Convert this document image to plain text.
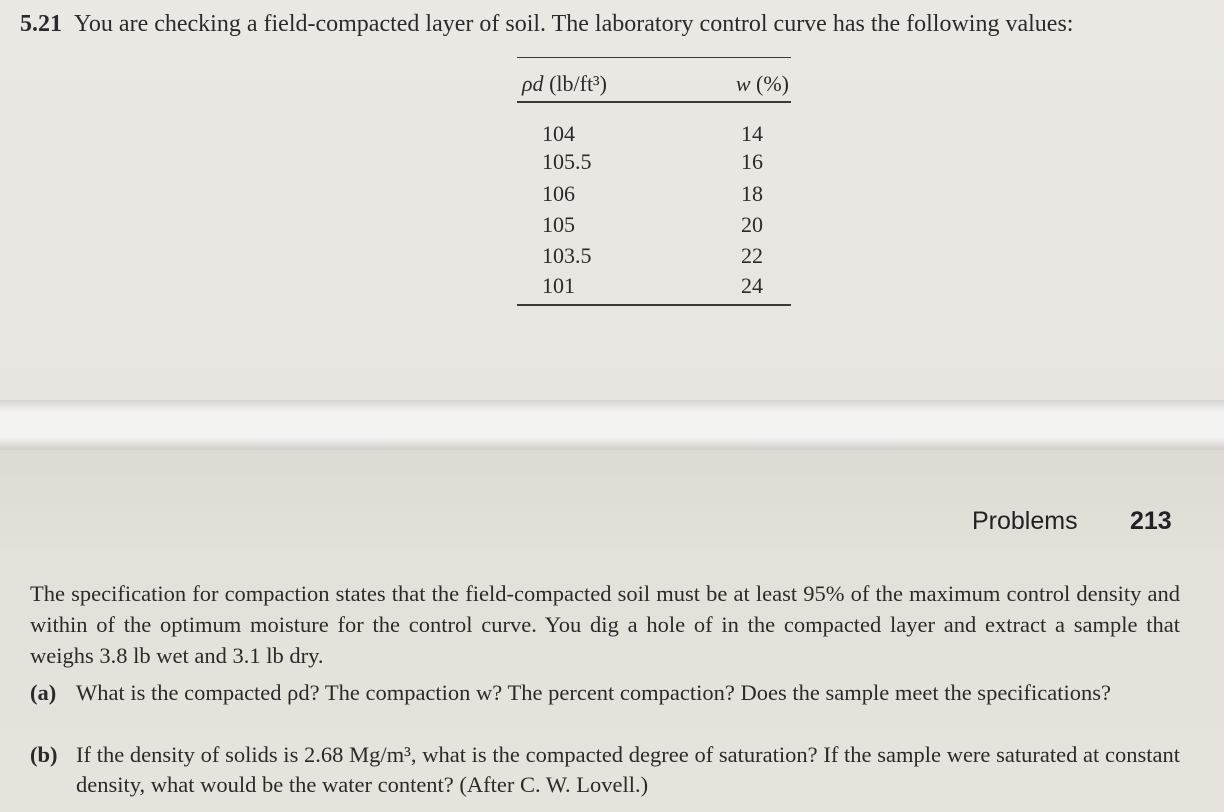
5.21 You are checking a field-compacted layer of soil. The laboratory control curve has the following values:
ρd (lb/ft³)	w (%)
104	14
105.5	16
106	18
105	20
103.5	22
101	24
Problems 213
The specification for compaction states that the field-compacted soil must be at least 95% of the maximum control density and within of the optimum moisture for the control curve. You dig a hole of in the compacted layer and extract a sample that weighs 3.8 lb wet and 3.1 lb dry.
(a) What is the compacted ρd? The compaction w? The percent compaction? Does the sample meet the specifications?
(b) If the density of solids is 2.68 Mg/m³, what is the compacted degree of saturation? If the sample were saturated at constant density, what would be the water content? (After C. W. Lovell.)
